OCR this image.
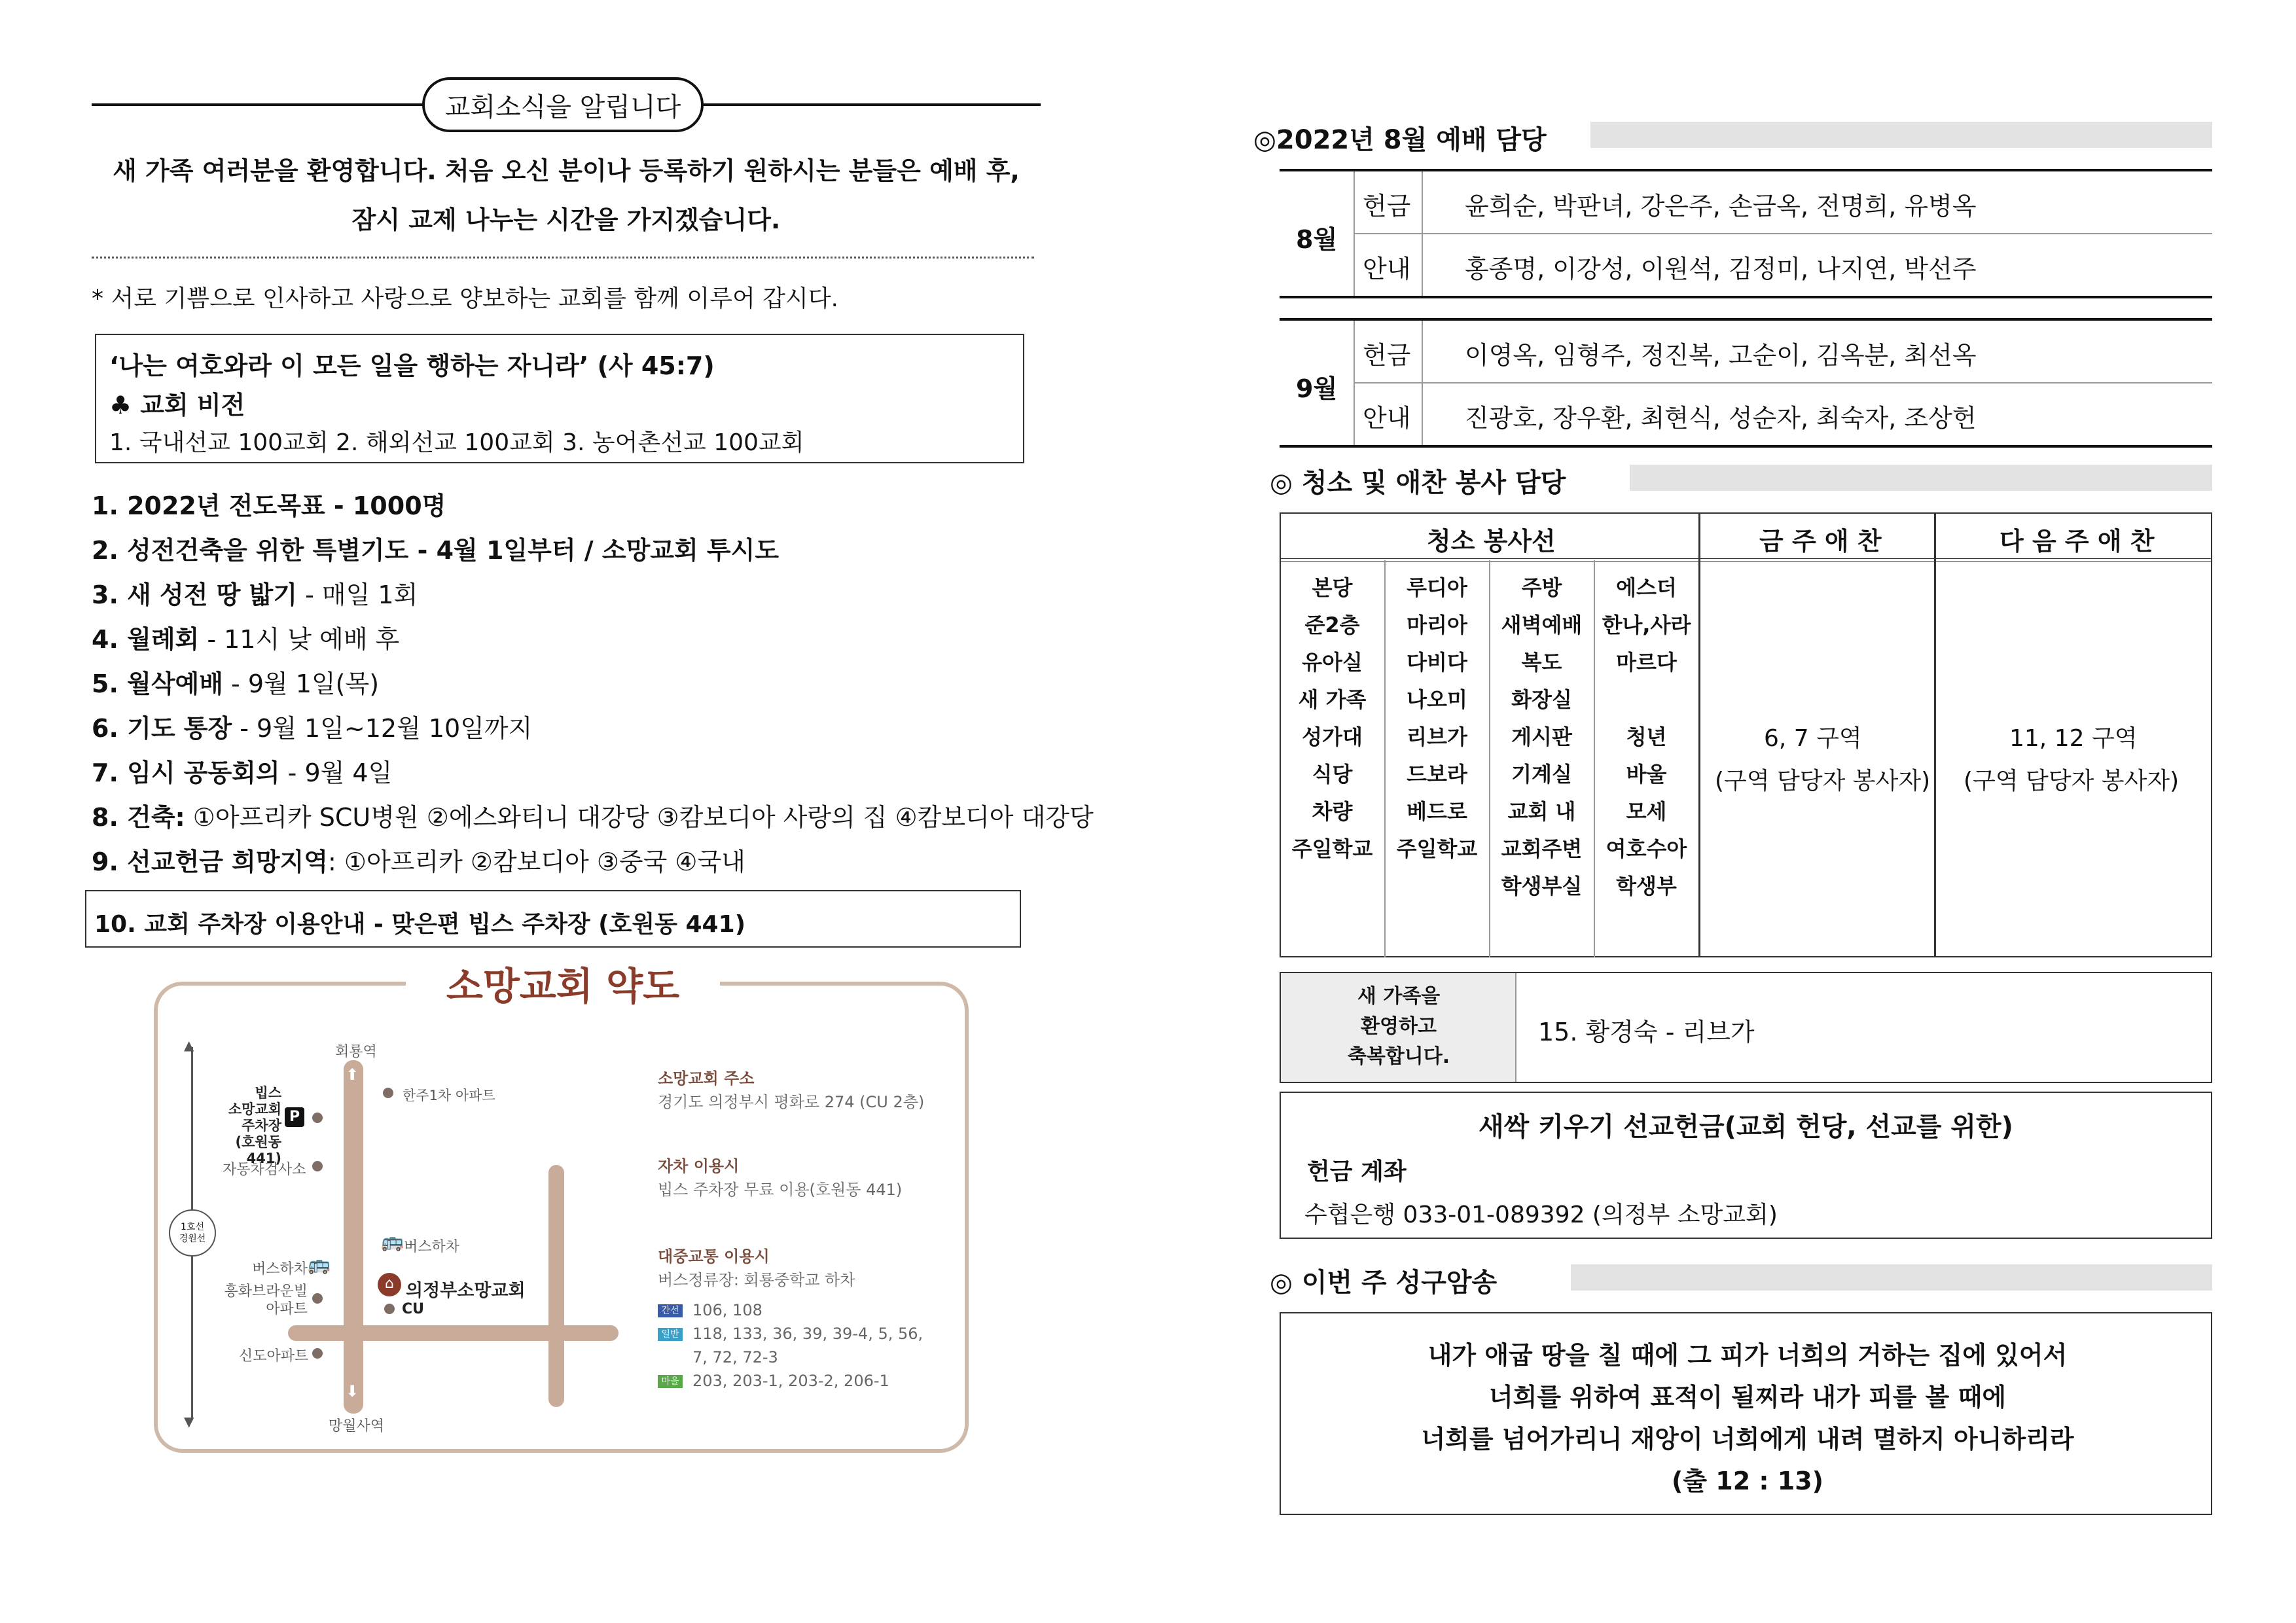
교회소식을 알립니다
새 가족 여러분을 환영합니다. 처음 오신 분이나 등록하기 원하시는 분들은 예배 후,
잠시 교제 나누는 시간을 가지겠습니다.
* 서로 기쁨으로 인사하고 사랑으로 양보하는 교회를 함께 이루어 갑시다.
‘나는 여호와라 이 모든 일을 행하는 자니라’ (사 45:7)
♣ 교회 비전
1. 국내선교 100교회 2. 해외선교 100교회 3. 농어촌선교 100교회
1. 2022년 전도목표 - 1000명
2. 성전건축을 위한 특별기도 - 4월 1일부터 / 소망교회 투시도
3. 새 성전 땅 밟기 - 매일 1회
4. 월례회 - 11시 낮 예배 후
5. 월삭예배 - 9월 1일(목)
6. 기도 통장 - 9월 1일~12월 10일까지
7. 임시 공동회의 - 9월 4일
8. 건축: ①아프리카 SCU병원 ②에스와티니 대강당 ③캄보디아 사랑의 집 ④캄보디아 대강당
9. 선교헌금 희망지역: ①아프리카 ②캄보디아 ③중국 ④국내
10. 교회 주차장 이용안내 - 맞은편 빕스 주차장 (호원동 441)
소망교회 약도
▲
▼
1호선
경원선
⬆
⬇
회룡역
망월사역
한주1차 아파트
빕스
소망교회
주차장
(호원동 441)
P
자동차검사소
버스하차
🚌
버스하차 🚌
흥화브라운빌
아파트
신도아파트
⌂ 의정부소망교회
CU
소망교회 주소
경기도 의정부시 평화로 274 (CU 2층)
자차 이용시
빕스 주차장 무료 이용(호원동 441)
대중교통 이용시
버스정류장: 회룡중학교 하차
간선 106, 108
일반 118, 133, 36, 39, 39-4, 5, 56,
7, 72, 72-3
마을 203, 203-1, 203-2, 206-1
◎2022년 8월 예배 담당
8월
헌금 윤희순, 박판녀, 강은주, 손금옥, 전명희, 유병옥
안내 홍종명, 이강성, 이원석, 김정미, 나지연, 박선주
9월
헌금 이영옥, 임형주, 정진복, 고순이, 김옥분, 최선옥
안내 진광호, 장우환, 최현식, 성순자, 최숙자, 조상헌
◎ 청소 및 애찬 봉사 담당
청소 봉사선	금 주 애 찬	다 음 주 애 찬
본당
준2층
유아실
새 가족
성가대
식당
차량
주일학교
루디아
마리아
다비다
나오미
리브가
드보라
베드로
주일학교
주방
새벽예배
복도
화장실
게시판
기계실
교회 내
교회주변
학생부실
에스더
한나,사라
마르다
청년
바울
모세
여호수아
학생부
6, 7 구역
(구역 담당자 봉사자)
11, 12 구역
(구역 담당자 봉사자)
새 가족을
환영하고
축복합니다.
15. 황경숙 - 리브가
새싹 키우기 선교헌금(교회 헌당, 선교를 위한)
헌금 계좌
수협은행 033-01-089392 (의정부 소망교회)
◎ 이번 주 성구암송
내가 애굽 땅을 칠 때에 그 피가 너희의 거하는 집에 있어서
너희를 위하여 표적이 될찌라 내가 피를 볼 때에
너희를 넘어가리니 재앙이 너희에게 내려 멸하지 아니하리라
(출 12 : 13)
